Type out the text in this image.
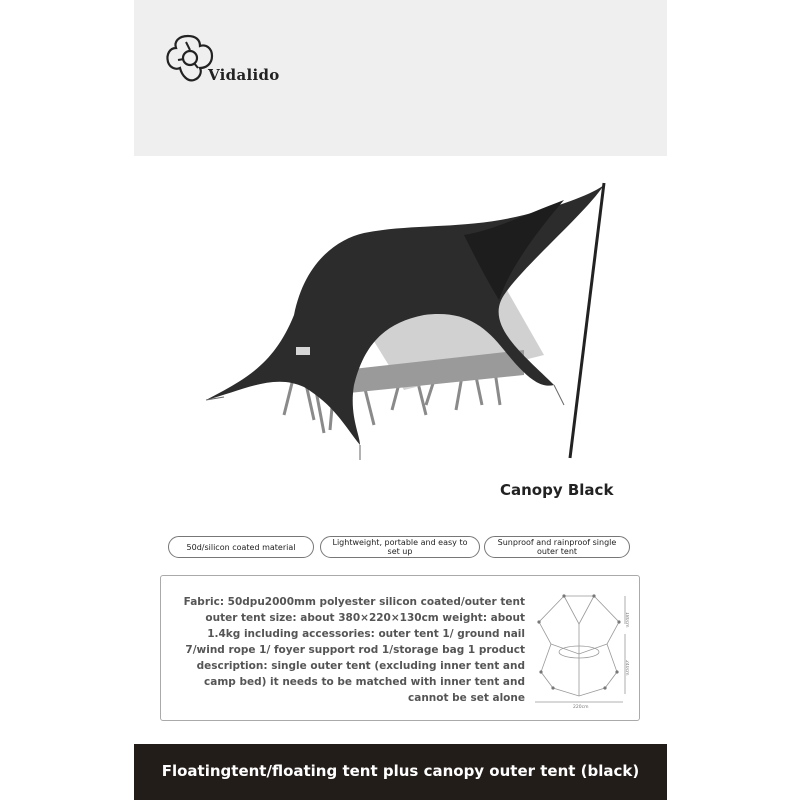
Vidalido
Canopy Black
50d/silicon coated material	Lightweight, portable and easy to set up
Sunproof and rainproof single outer tent
Fabric: 50dpu2000mm polyester silicon coated/outer tent outer tent size: about 380×220×130cm weight: about 1.4kg including accessories: outer tent 1/ ground nail 7/wind rope 1/ foyer support rod 1/storage bag 1 product description: single outer tent (excluding inner tent and camp bed) it needs to be matched with inner tent and cannot be set alone
180cm
240cm
220cm
Floatingtent/floating tent plus canopy outer tent (black)
